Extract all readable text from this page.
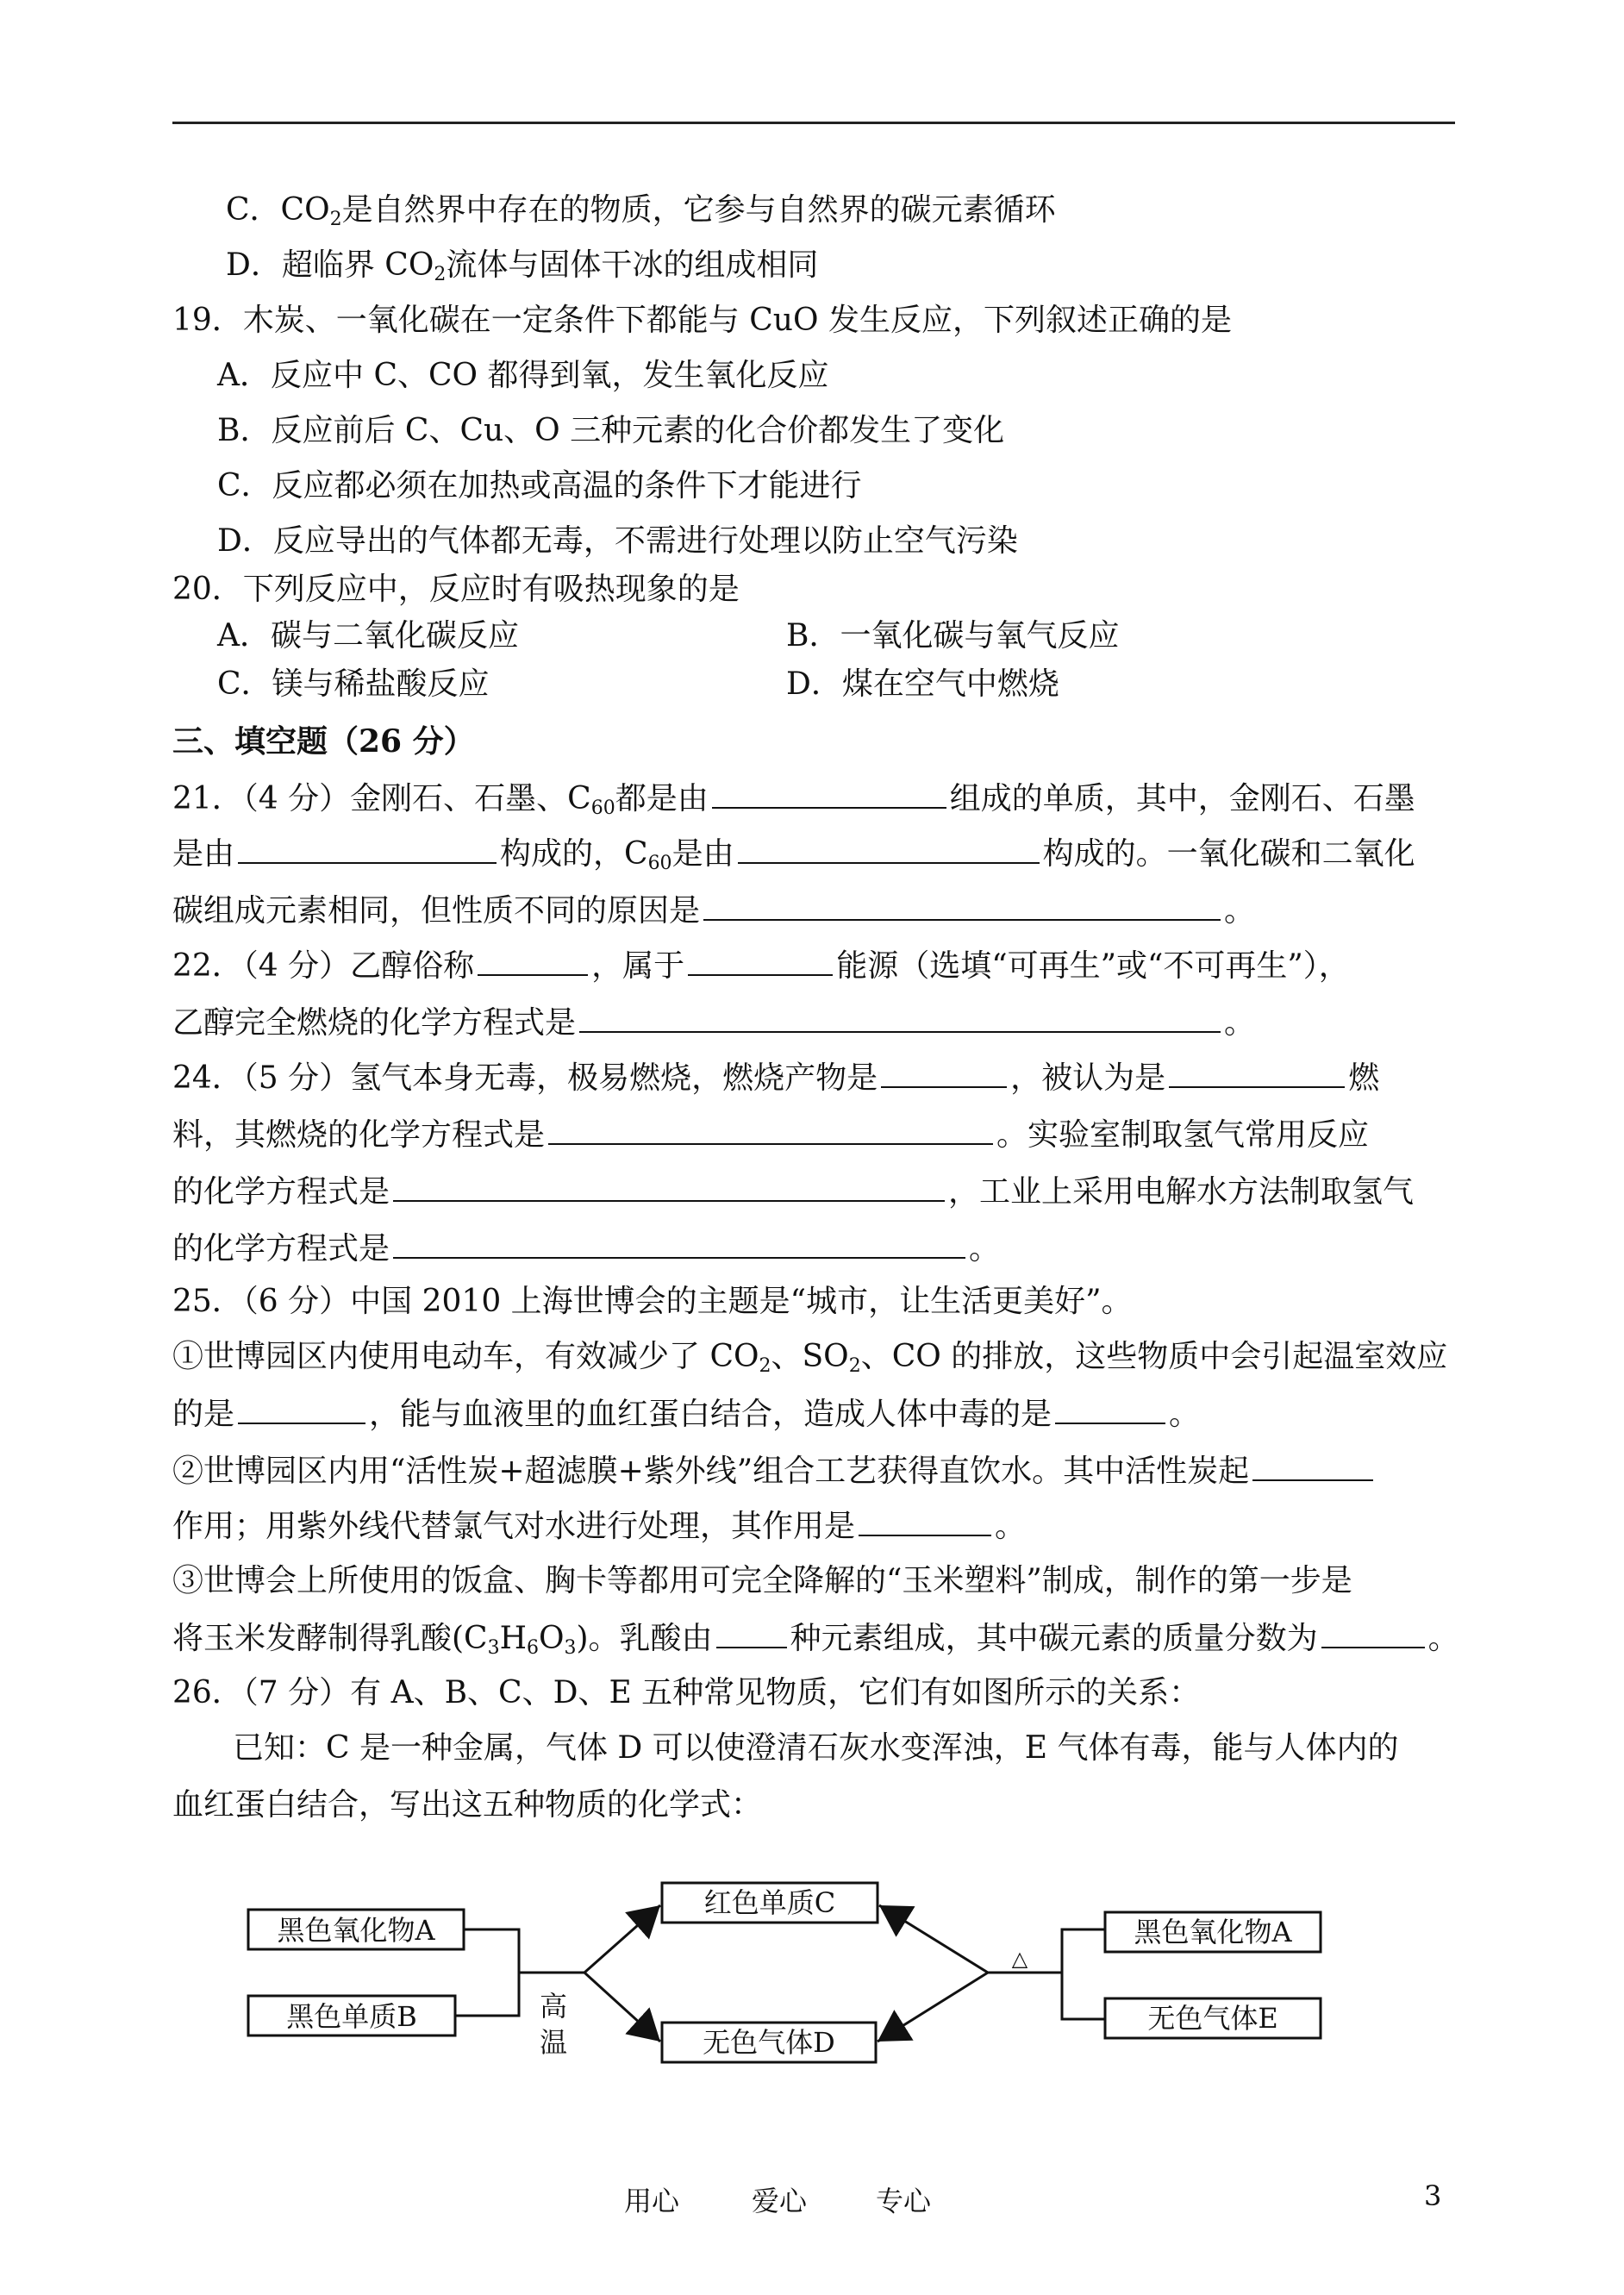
C．$CO_2$是自然界中存在的物质，它参与自然界的碳元素循环
D．超临界 $CO_2$流体与固体干冰的组成相同
19．木炭、一氧化碳在一定条件下都能与 CuO 发生反应，下列叙述正确的是
A．反应中 C、CO 都得到氧，发生氧化反应
B．反应前后 C、Cu、O 三种元素的化合价都发生了变化
C．反应都必须在加热或高温的条件下才能进行
D．反应导出的气体都无毒，不需进行处理以防止空气污染
20．下列反应中，反应时有吸热现象的是
A．碳与二氧化碳反应	B．一氧化碳与氧气反应
C．镁与稀盐酸反应	D．煤在空气中燃烧
三、填空题（26 分）
21．（4 分）金刚石、石墨、$C_{60}$都是由	组成的单质，其中，金刚石、石墨
是由	构成的，$C_{60}$是由	构成的。一氧化碳和二氧化
碳组成元素相同，但性质不同的原因是	。
22．（4 分）乙醇俗称	，属于	能源（选填“可再生”或“不可再生”），
乙醇完全燃烧的化学方程式是	。
24．（5 分）氢气本身无毒，极易燃烧，燃烧产物是	，被认为是	燃
料，其燃烧的化学方程式是	。实验室制取氢气常用反应
的化学方程式是	，工业上采用电解水方法制取氢气
的化学方程式是	。
25．（6 分）中国 2010 上海世博会的主题是“城市，让生活更美好”。
①世博园区内使用电动车，有效减少了 $CO_2$、$SO_2$、CO 的排放，这些物质中会引起温室效应
的是	，能与血液里的血红蛋白结合，造成人体中毒的是	。
②世博园区内用“活性炭+超滤膜+紫外线”组合工艺获得直饮水。其中活性炭起
作用；用紫外线代替氯气对水进行处理，其作用是	。
③世博会上所使用的饭盒、胸卡等都用可完全降解的“玉米塑料”制成，制作的第一步是
将玉米发酵制得乳酸$(C_3H_6O_3)$。乳酸由	种元素组成，其中碳元素的质量分数为	。
26．（7 分）有 A、B、C、D、E 五种常见物质，它们有如图所示的关系：
已知：C 是一种金属，气体 D 可以使澄清石灰水变浑浊，E 气体有毒，能与人体内的
血红蛋白结合，写出这五种物质的化学式：
黑色氧化物A
黑色单质B
红色单质C
无色气体D
黑色氧化物A
无色气体E
高
温
△
用心	爱心 专心	3
